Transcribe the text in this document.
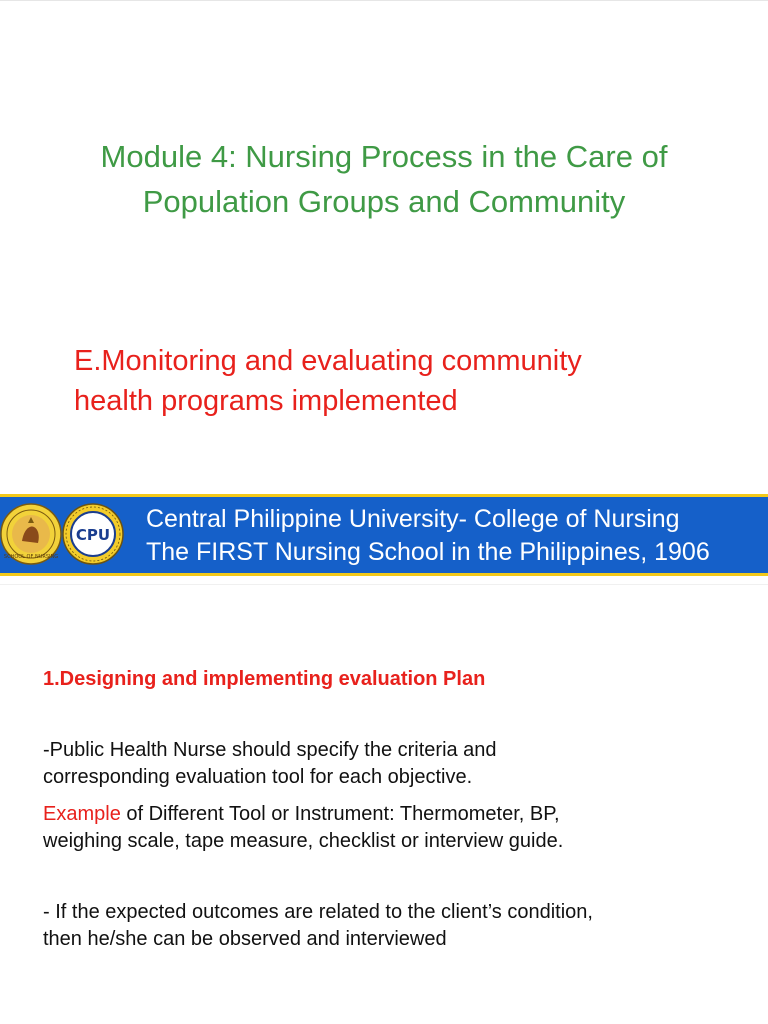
Module 4: Nursing Process in the Care of
Population Groups and Community
E.Monitoring and evaluating community
health programs implemented
SCHOOL OF NURSING
CPU
Central Philippine University- College of Nursing
The FIRST Nursing School in the Philippines, 1906

1.Designing and implementing evaluation Plan

-Public Health Nurse should specify the criteria and
corresponding evaluation tool for each objective.

Example of Different Tool or Instrument: Thermometer, BP,
weighing scale, tape measure, checklist or interview guide.

- If the expected outcomes are related to the client’s condition,
then he/she can be observed and interviewed
